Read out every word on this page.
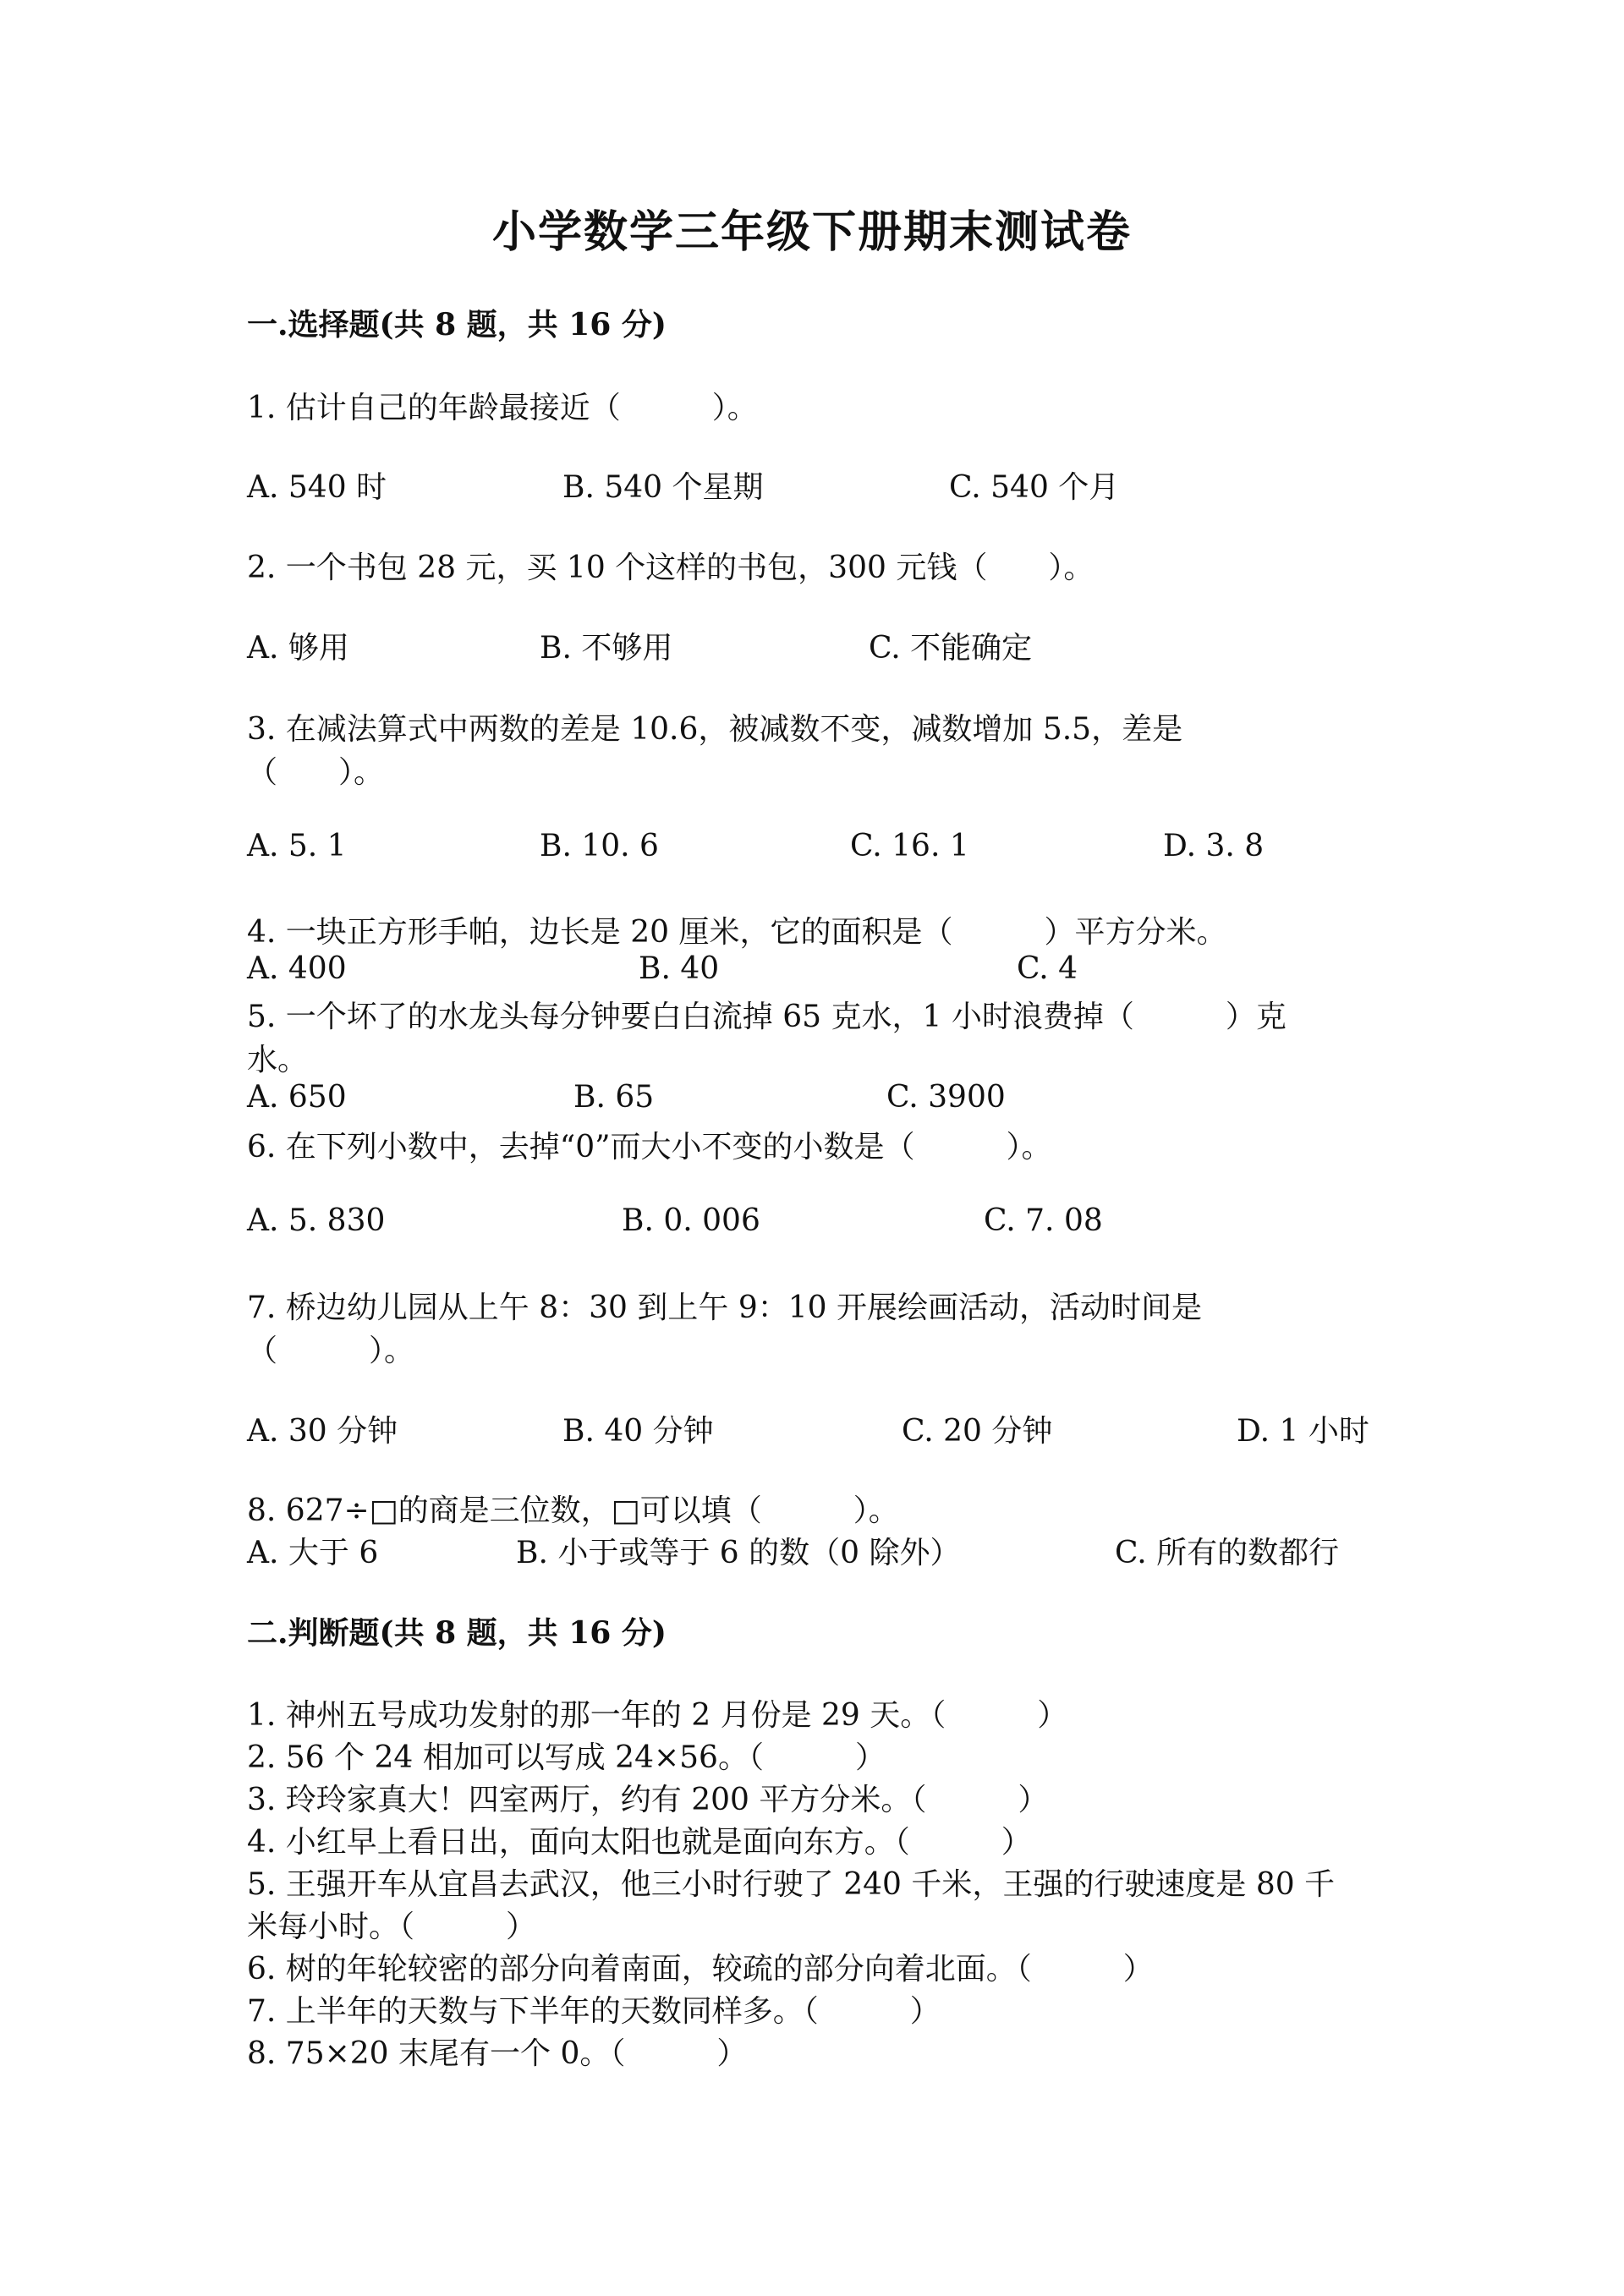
小学数学三年级下册期末测试卷
一.选择题(共 8 题，共 16 分)
1. 估计自己的年龄最接近（　　　）。
A. 540 时	B. 540 个星期	C. 540 个月
2. 一个书包 28 元，买 10 个这样的书包，300 元钱（　　）。
A. 够用	B. 不够用	C. 不能确定
3. 在减法算式中两数的差是 10.6，被减数不变，减数增加 5.5，差是
（　　）。
A. 5. 1	B. 10. 6	C. 16. 1	D. 3. 8
4. 一块正方形手帕，边长是 20 厘米，它的面积是（　　　）平方分米。
A. 400	B. 40	C. 4
5. 一个坏了的水龙头每分钟要白白流掉 65 克水，1 小时浪费掉（　　　）克
水。
A. 650	B. 65	C. 3900
6. 在下列小数中，去掉“0”而大小不变的小数是（　　　）。
A. 5. 830	B. 0. 006	C. 7. 08
7. 桥边幼儿园从上午 8：30 到上午 9：10 开展绘画活动，活动时间是
（　　　）。
A. 30 分钟	B. 40 分钟	C. 20 分钟	D. 1 小时
8. 627÷□的商是三位数，□可以填（　　　）。
A. 大于 6	B. 小于或等于 6 的数（0 除外）	C. 所有的数都行
二.判断题(共 8 题，共 16 分)
1. 神州五号成功发射的那一年的 2 月份是 29 天。（　　　）
2. 56 个 24 相加可以写成 24×56。（　　　）
3. 玲玲家真大！四室两厅，约有 200 平方分米。（　　　）
4. 小红早上看日出，面向太阳也就是面向东方。（　　　）
5. 王强开车从宜昌去武汉，他三小时行驶了 240 千米，王强的行驶速度是 80 千
米每小时。（　　　）
6. 树的年轮较密的部分向着南面，较疏的部分向着北面。（　　　）
7. 上半年的天数与下半年的天数同样多。（　　　）
8. 75×20 末尾有一个 0。（　　　）
